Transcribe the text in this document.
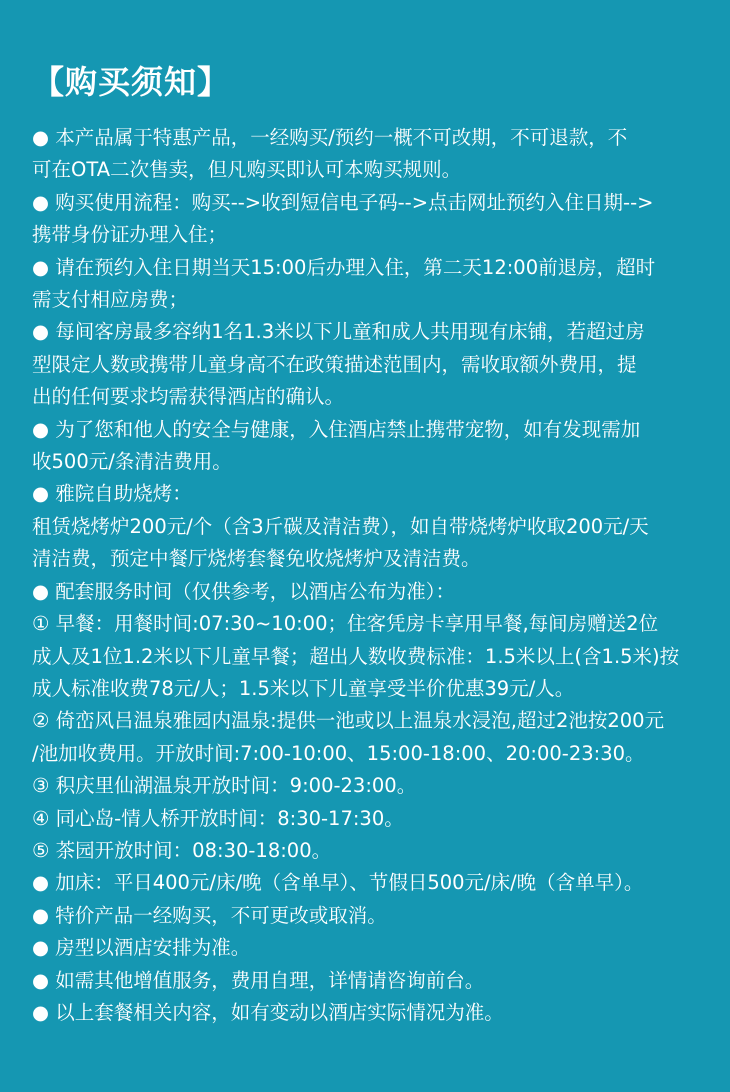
【购买须知】
● 本产品属于特惠产品，一经购买/预约一概不可改期，不可退款，不
可在OTA二次售卖，但凡购买即认可本购买规则。
● 购买使用流程：购买-->收到短信电子码-->点击网址预约入住日期-->
携带身份证办理入住；
● 请在预约入住日期当天15:00后办理入住，第二天12:00前退房，超时
需支付相应房费；
● 每间客房最多容纳1名1.3米以下儿童和成人共用现有床铺，若超过房
型限定人数或携带儿童身高不在政策描述范围内，需收取额外费用，提
出的任何要求均需获得酒店的确认。
● 为了您和他人的安全与健康，入住酒店禁止携带宠物，如有发现需加
收500元/条清洁费用。
● 雅院自助烧烤：
租赁烧烤炉200元/个（含3斤碳及清洁费），如自带烧烤炉收取200元/天
清洁费，预定中餐厅烧烤套餐免收烧烤炉及清洁费。
● 配套服务时间（仅供参考，以酒店公布为准）：
① 早餐：用餐时间:07:30~10:00；住客凭房卡享用早餐,每间房赠送2位
成人及1位1.2米以下儿童早餐；超出人数收费标准：1.5米以上(含1.5米)按
成人标准收费78元/人；1.5米以下儿童享受半价优惠39元/人。
② 倚峦风吕温泉雅园内温泉:提供一池或以上温泉水浸泡,超过2池按200元
/池加收费用。开放时间:7:00-10:00、15:00-18:00、20:00-23:30。
③ 积庆里仙湖温泉开放时间：9:00-23:00。
④ 同心岛-情人桥开放时间：8:30-17:30。
⑤ 茶园开放时间：08:30-18:00。
● 加床：平日400元/床/晚（含单早）、节假日500元/床/晚（含单早）。
● 特价产品一经购买，不可更改或取消。
● 房型以酒店安排为准。
● 如需其他增值服务，费用自理，详情请咨询前台。
● 以上套餐相关内容，如有变动以酒店实际情况为准。
